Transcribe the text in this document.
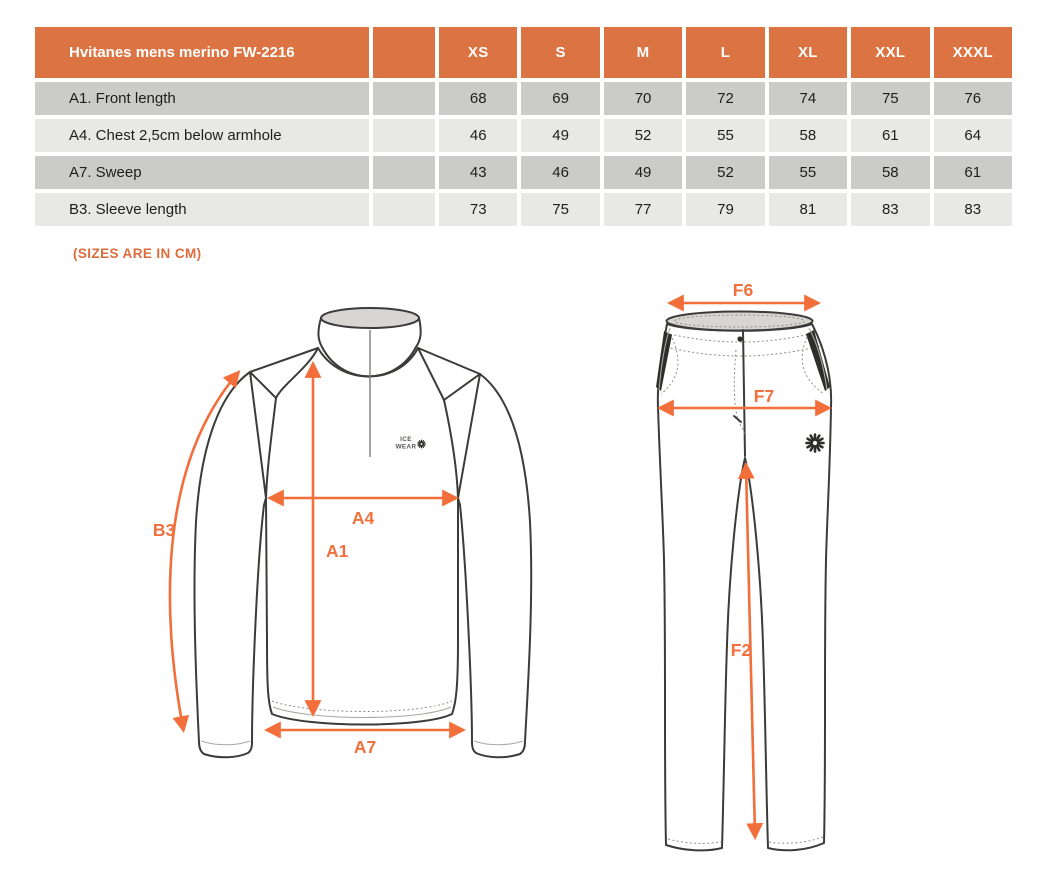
Hvitanes mens merino FW-2216		XS	S	M	L	XL	XXL	XXXL
A1. Front length		68	69	70	72	74	75	76
A4. Chest 2,5cm below armhole		46	49	52	55	58	61	64
A7. Sweep		43	46	49	52	55	58	61
B3. Sleeve length		73	75	77	79	81	83	83
(SIZES ARE IN CM)
ICE
WEAR
B3
A4
A1
A7
F6
F7
F2
